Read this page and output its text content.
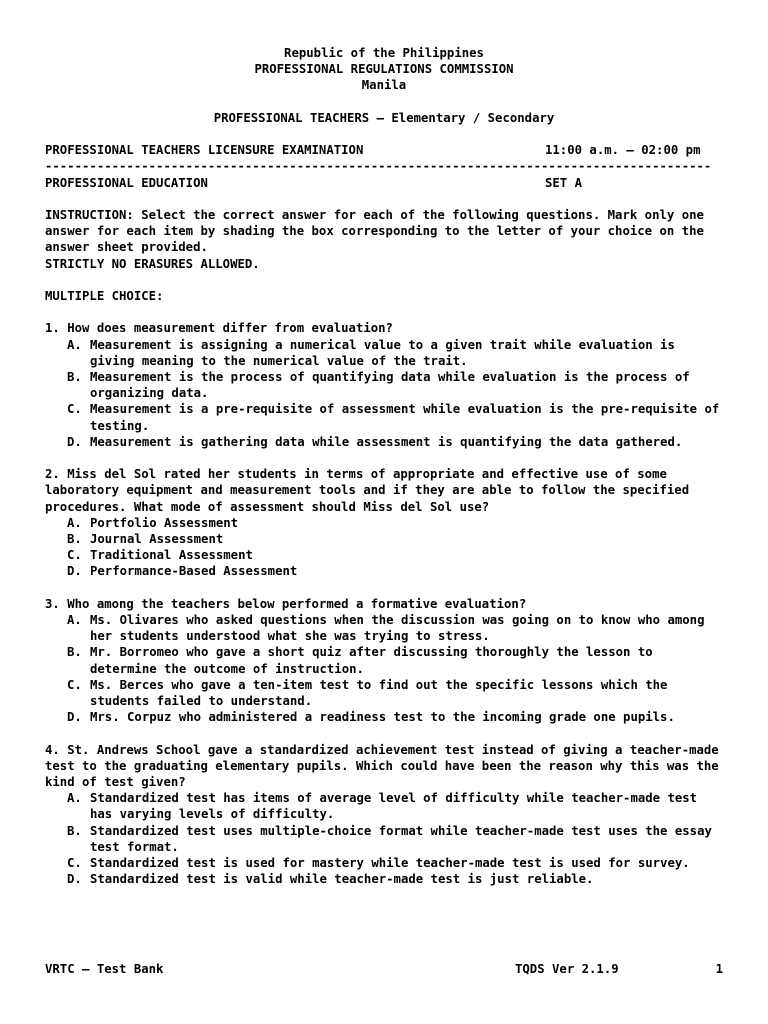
Republic of the Philippines
PROFESSIONAL REGULATIONS COMMISSION
Manila
PROFESSIONAL TEACHERS – Elementary / Secondary
PROFESSIONAL TEACHERS LICENSURE EXAMINATION	11:00 a.m. – 02:00 pm
------------------------------------------------------------------------------------------
PROFESSIONAL EDUCATION	SET A
INSTRUCTION: Select the correct answer for each of the following questions. Mark only one answer for each item by shading the box corresponding to the letter of your choice on the answer sheet provided.
STRICTLY NO ERASURES ALLOWED.
MULTIPLE CHOICE:
1. How does measurement differ from evaluation?
A. Measurement is assigning a numerical value to a given trait while evaluation is giving meaning to the numerical value of the trait.
B. Measurement is the process of quantifying data while evaluation is the process of organizing data.
C. Measurement is a pre-requisite of assessment while evaluation is the pre-requisite of testing.
D. Measurement is gathering data while assessment is quantifying the data gathered.
2. Miss del Sol rated her students in terms of appropriate and effective use of some laboratory equipment and measurement tools and if they are able to follow the specified procedures. What mode of assessment should Miss del Sol use?
A. Portfolio Assessment
B. Journal Assessment
C. Traditional Assessment
D. Performance-Based Assessment
3. Who among the teachers below performed a formative evaluation?
A. Ms. Olivares who asked questions when the discussion was going on to know who among her students understood what she was trying to stress.
B. Mr. Borromeo who gave a short quiz after discussing thoroughly the lesson to determine the outcome of instruction.
C. Ms. Berces who gave a ten-item test to find out the specific lessons which the students failed to understand.
D. Mrs. Corpuz who administered a readiness test to the incoming grade one pupils.
4. St. Andrews School gave a standardized achievement test instead of giving a teacher-made test to the graduating elementary pupils. Which could have been the reason why this was the kind of test given?
A. Standardized test has items of average level of difficulty while teacher-made test has varying levels of difficulty.
B. Standardized test uses multiple-choice format while teacher-made test uses the essay test format.
C. Standardized test is used for mastery while teacher-made test is used for survey.
D. Standardized test is valid while teacher-made test is just reliable.
VRTC – Test Bank	TQDS Ver 2.1.9	1
